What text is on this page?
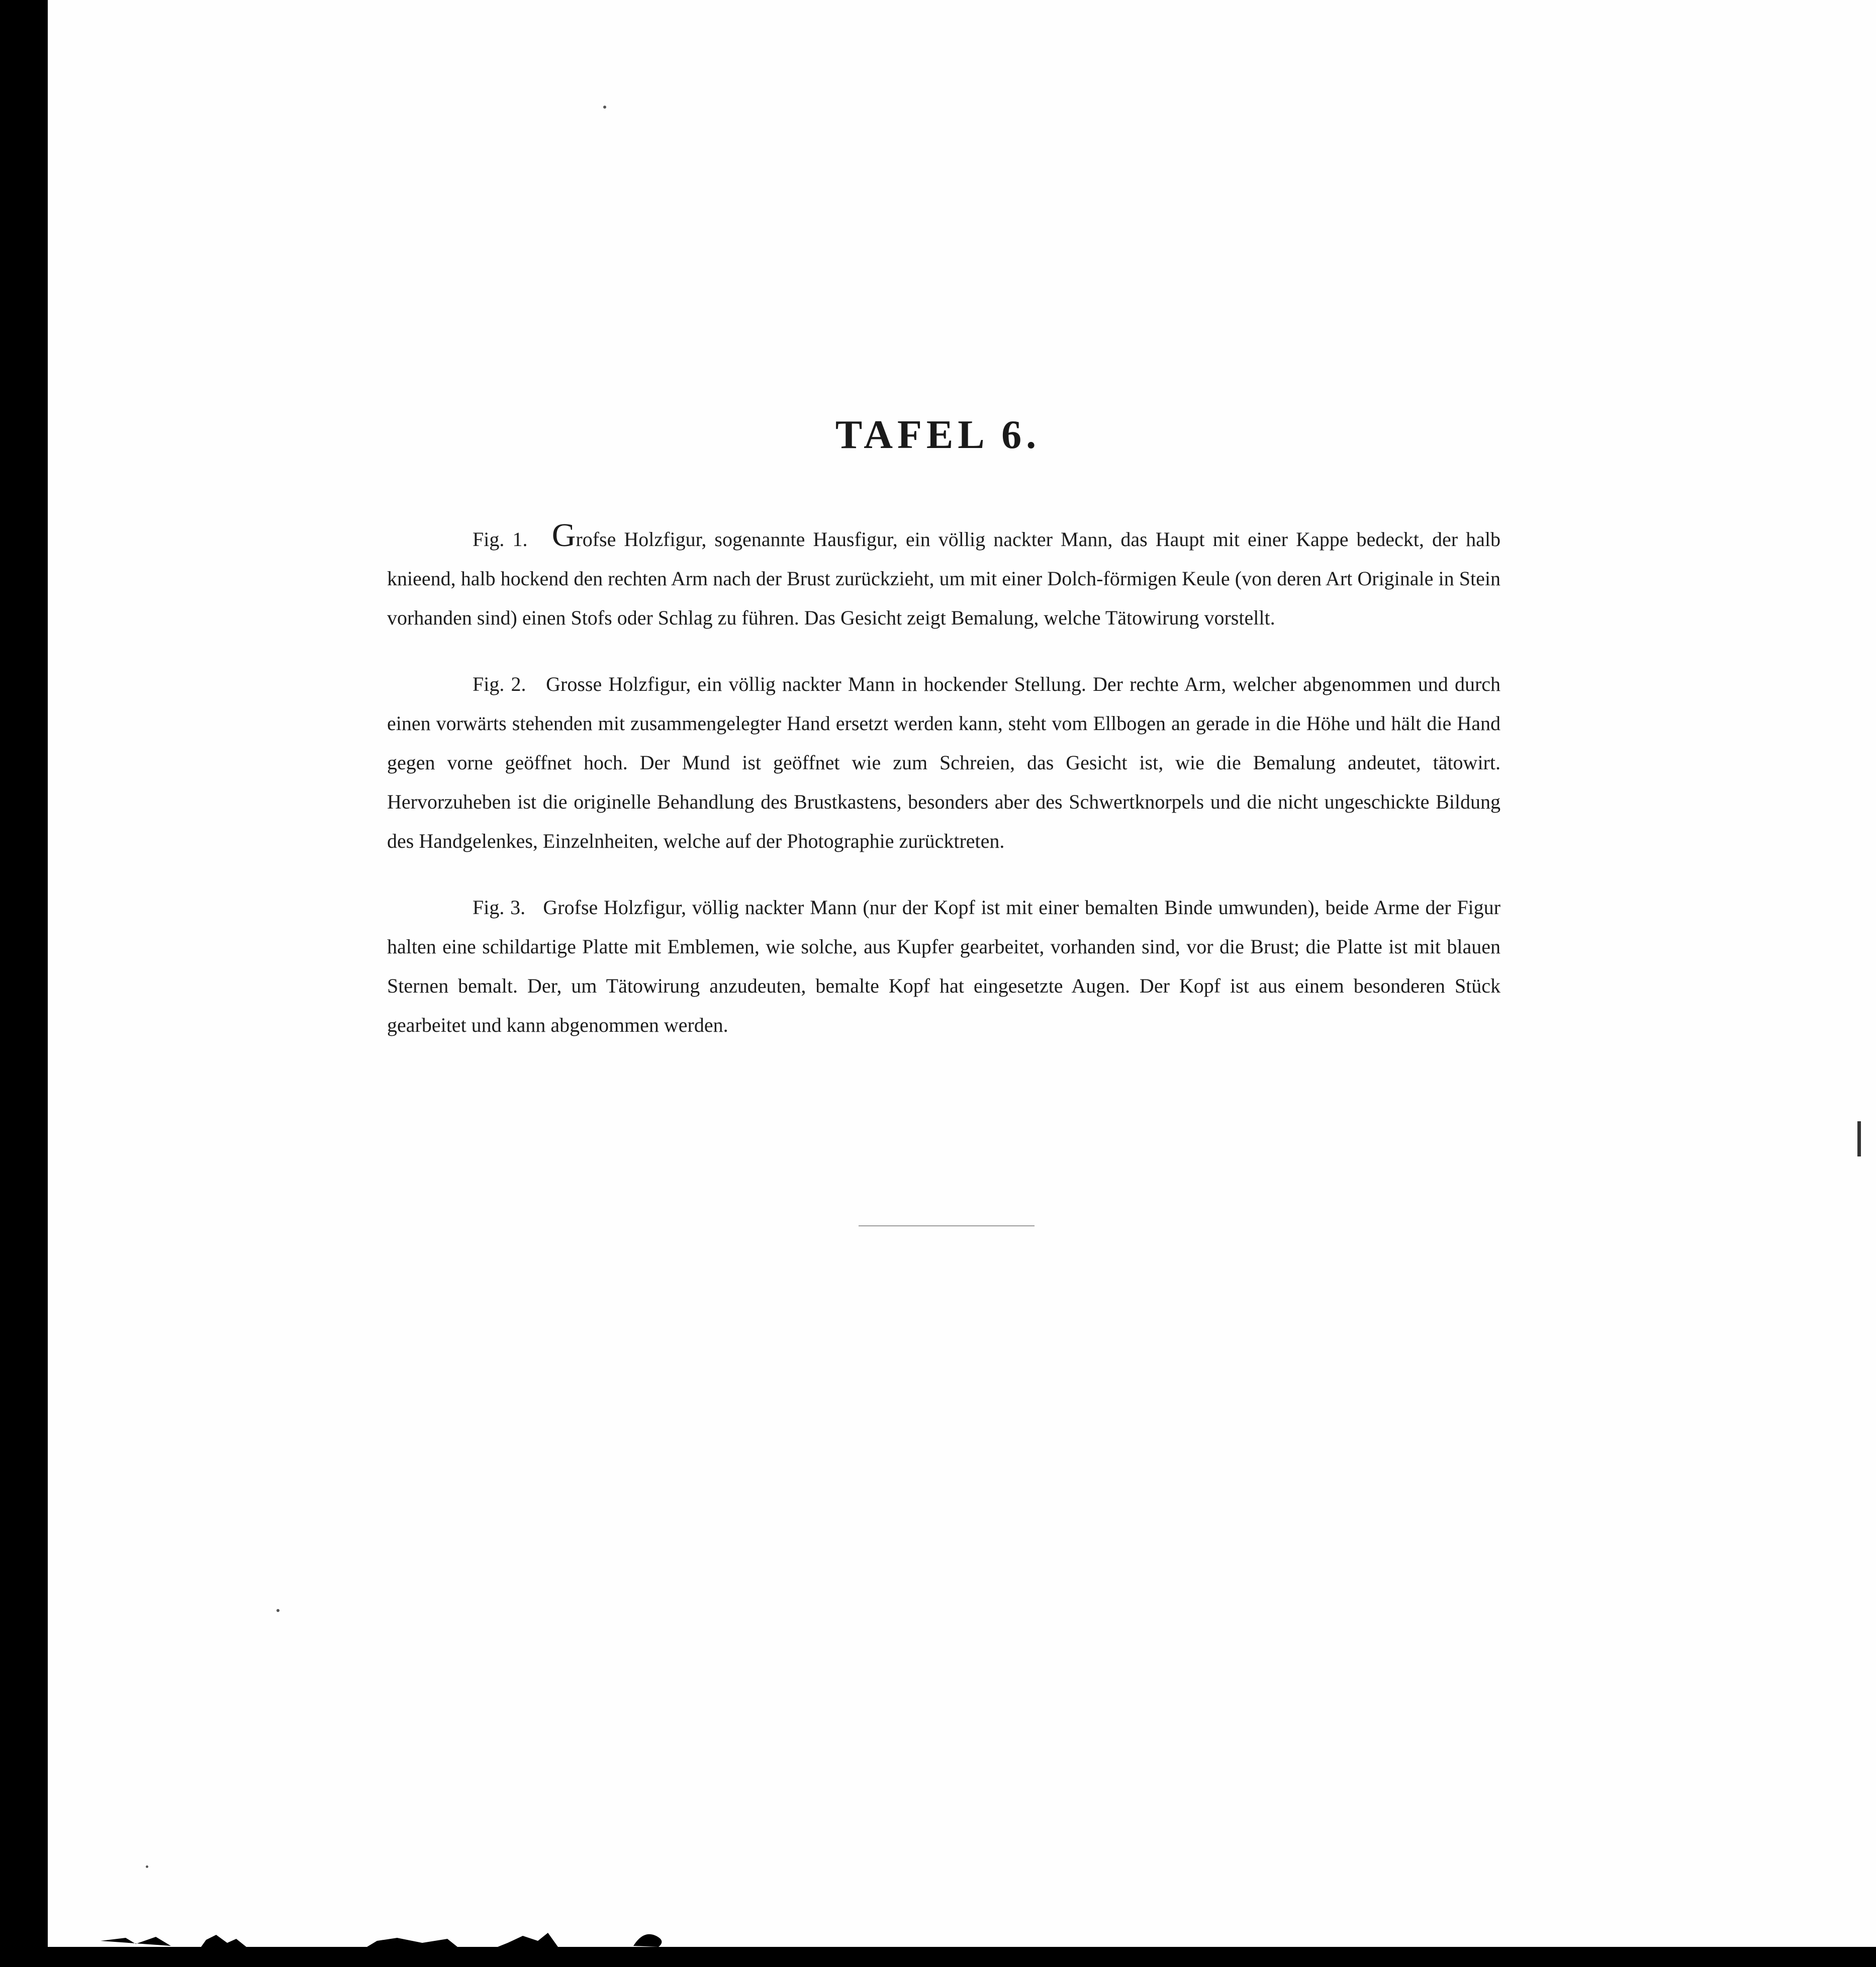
TAFEL 6.

Fig. 1. Grofse Holzfigur, sogenannte Hausfigur, ein völlig nackter Mann, das Haupt mit einer Kappe bedeckt, der halb knieend, halb hockend den rechten Arm nach der Brust zurückzieht, um mit einer Dolch-förmigen Keule (von deren Art Originale in Stein vorhanden sind) einen Stofs oder Schlag zu führen. Das Gesicht zeigt Bemalung, welche Tätowirung vorstellt.

Fig. 2. Grosse Holzfigur, ein völlig nackter Mann in hockender Stellung. Der rechte Arm, welcher abgenommen und durch einen vorwärts stehenden mit zusammengelegter Hand ersetzt werden kann, steht vom Ellbogen an gerade in die Höhe und hält die Hand gegen vorne geöffnet hoch. Der Mund ist geöffnet wie zum Schreien, das Gesicht ist, wie die Bemalung andeutet, tätowirt. Hervorzuheben ist die originelle Behandlung des Brustkastens, besonders aber des Schwertknorpels und die nicht ungeschickte Bildung des Handgelenkes, Einzelnheiten, welche auf der Photographie zurücktreten.

Fig. 3. Grofse Holzfigur, völlig nackter Mann (nur der Kopf ist mit einer bemalten Binde umwunden), beide Arme der Figur halten eine schildartige Platte mit Emblemen, wie solche, aus Kupfer gearbeitet, vorhanden sind, vor die Brust; die Platte ist mit blauen Sternen bemalt. Der, um Tätowirung anzudeuten, bemalte Kopf hat eingesetzte Augen. Der Kopf ist aus einem besonderen Stück gearbeitet und kann abgenommen werden.
